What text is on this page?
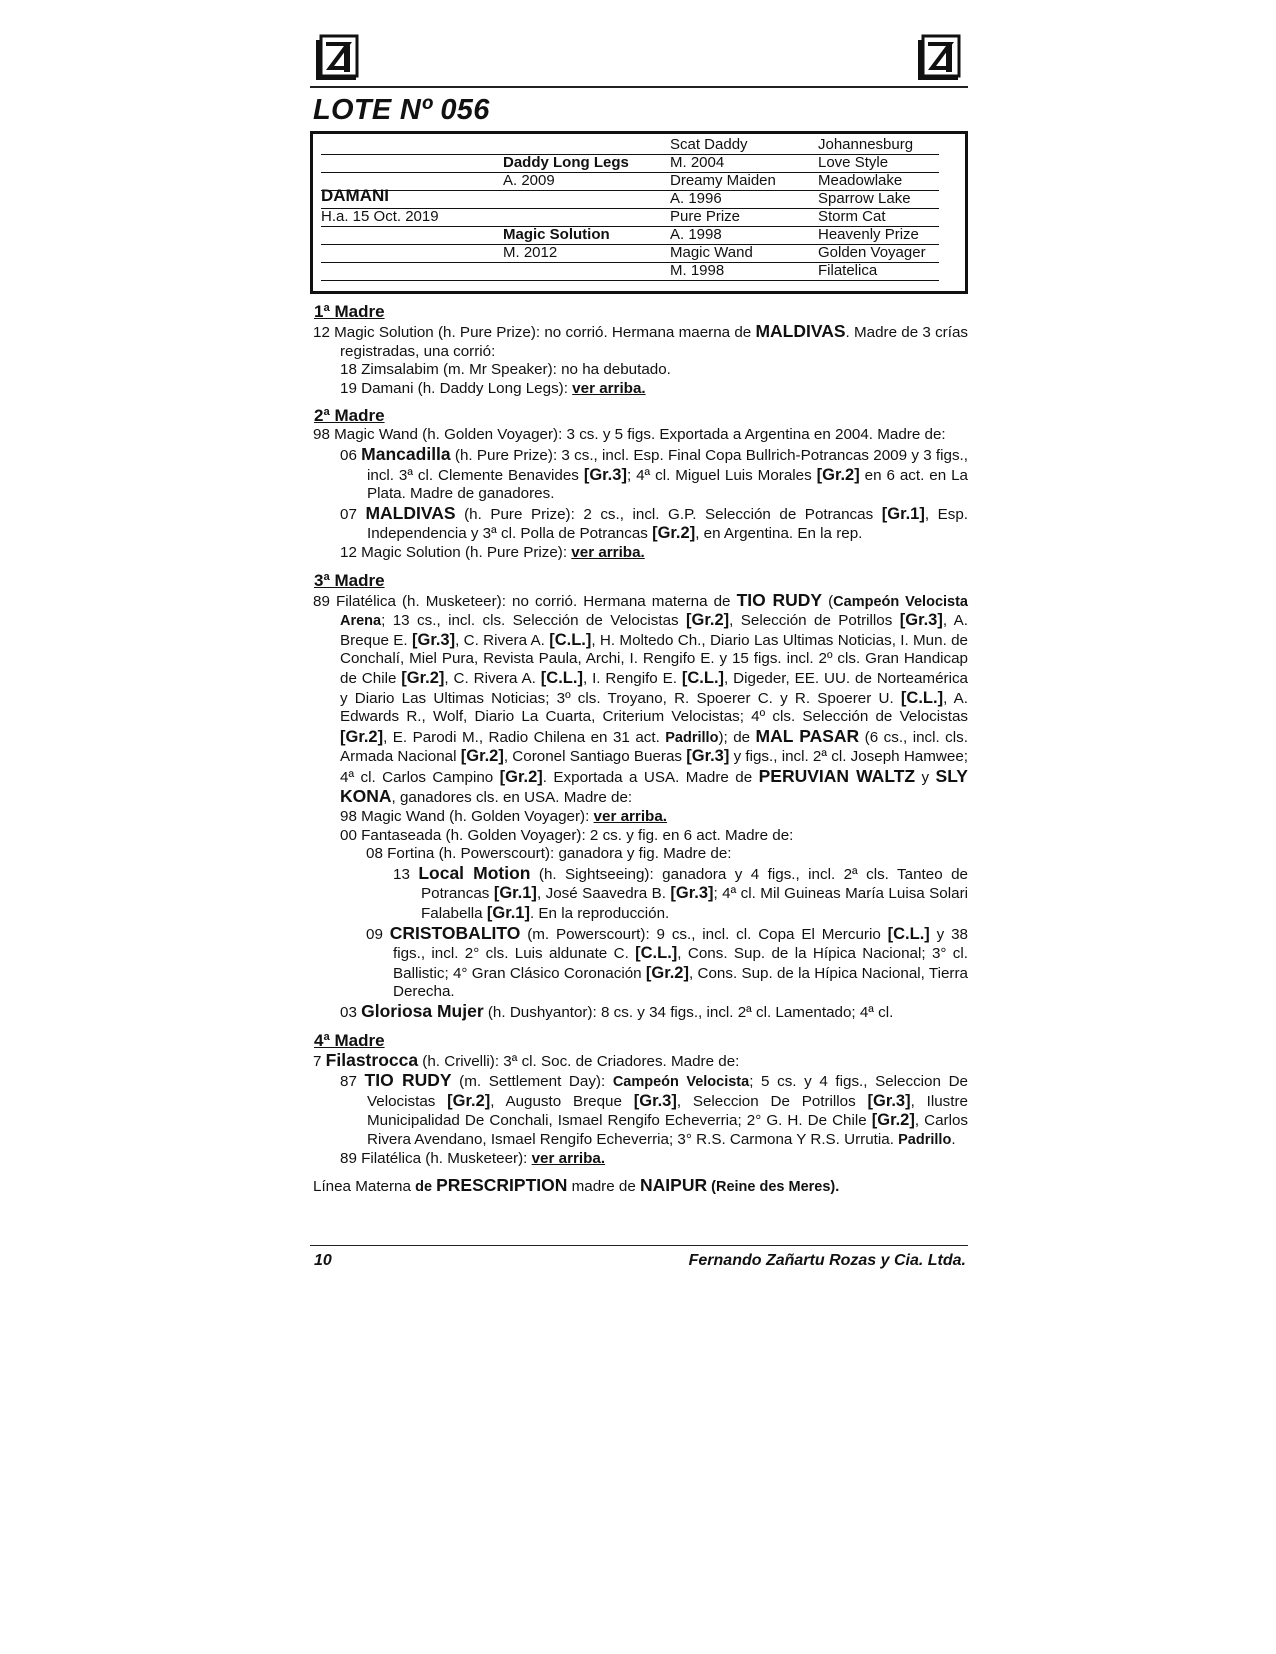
LOTE Nº 056
DAMANI
H.a. 15 Oct. 2019
Daddy Long Legs
A. 2009
Magic Solution
M. 2012
Scat Daddy
M. 2004
Dreamy Maiden
A. 1996
Pure Prize
A. 1998
Magic Wand
M. 1998
Johannesburg
Love Style
Meadowlake
Sparrow Lake
Storm Cat
Heavenly Prize
Golden Voyager
Filatelica
1ª Madre
12 Magic Solution (h. Pure Prize): no corrió. Hermana maerna de MALDIVAS. Madre de 3 crías registradas, una corrió:
18 Zimsalabim (m. Mr Speaker): no ha debutado.
19 Damani (h. Daddy Long Legs): ver arriba.
2ª Madre
98 Magic Wand (h. Golden Voyager): 3 cs. y 5 figs. Exportada a Argentina en 2004. Madre de:
06 Mancadilla (h. Pure Prize): 3 cs., incl. Esp. Final Copa Bullrich-Potrancas 2009 y 3 figs., incl. 3ª cl. Clemente Benavides [Gr.3]; 4ª cl. Miguel Luis Morales [Gr.2] en 6 act. en La Plata. Madre de ganadores.
07 MALDIVAS (h. Pure Prize): 2 cs., incl. G.P. Selección de Potrancas [Gr.1], Esp. Independencia y 3ª cl. Polla de Potrancas [Gr.2], en Argentina. En la rep.
12 Magic Solution (h. Pure Prize): ver arriba.
3ª Madre
89 Filatélica (h. Musketeer): no corrió. Hermana materna de TIO RUDY (Campeón Velocista Arena; 13 cs., incl. cls. Selección de Velocistas [Gr.2], Selección de Potrillos [Gr.3], A. Breque E. [Gr.3], C. Rivera A. [C.L.], H. Moltedo Ch., Diario Las Ultimas Noticias, I. Mun. de Conchalí, Miel Pura, Revista Paula, Archi, I. Rengifo E. y 15 figs. incl. 2º cls. Gran Handicap de Chile [Gr.2], C. Rivera A. [C.L.], I. Rengifo E. [C.L.], Digeder, EE. UU. de Norteamérica y Diario Las Ultimas Noticias; 3º cls. Troyano, R. Spoerer C. y R. Spoerer U. [C.L.], A. Edwards R., Wolf, Diario La Cuarta, Criterium Velocistas; 4º cls. Selección de Velocistas [Gr.2], E. Parodi M., Radio Chilena en 31 act. Padrillo); de MAL PASAR (6 cs., incl. cls. Armada Nacional [Gr.2], Coronel Santiago Bueras [Gr.3] y figs., incl. 2ª cl. Joseph Hamwee; 4ª cl. Carlos Campino [Gr.2]. Exportada a USA. Madre de PERUVIAN WALTZ y SLY KONA, ganadores cls. en USA. Madre de:
98 Magic Wand (h. Golden Voyager): ver arriba.
00 Fantaseada (h. Golden Voyager): 2 cs. y fig. en 6 act. Madre de:
08 Fortina (h. Powerscourt): ganadora y fig. Madre de:
13 Local Motion (h. Sightseeing): ganadora y 4 figs., incl. 2ª cls. Tanteo de Potrancas [Gr.1], José Saavedra B. [Gr.3]; 4ª cl. Mil Guineas María Luisa Solari Falabella [Gr.1]. En la reproducción.
09 CRISTOBALITO (m. Powerscourt): 9 cs., incl. cl. Copa El Mercurio [C.L.] y 38 figs., incl. 2° cls. Luis aldunate C. [C.L.], Cons. Sup. de la Hípica Nacional; 3° cl. Ballistic; 4° Gran Clásico Coronación [Gr.2], Cons. Sup. de la Hípica Nacional, Tierra Derecha.
03 Gloriosa Mujer (h. Dushyantor): 8 cs. y 34 figs., incl. 2ª cl. Lamentado; 4ª cl.
4ª Madre
7 Filastrocca (h. Crivelli): 3ª cl. Soc. de Criadores. Madre de:
87 TIO RUDY (m. Settlement Day): Campeón Velocista; 5 cs. y 4 figs., Seleccion De Velocistas [Gr.2], Augusto Breque [Gr.3], Seleccion De Potrillos [Gr.3], Ilustre Municipalidad De Conchali, Ismael Rengifo Echeverria; 2° G. H. De Chile [Gr.2], Carlos Rivera Avendano, Ismael Rengifo Echeverria; 3° R.S. Carmona Y R.S. Urrutia. Padrillo.
89 Filatélica (h. Musketeer): ver arriba.
Línea Materna de PRESCRIPTION madre de NAIPUR (Reine des Meres).
10	Fernando Zañartu Rozas y Cia. Ltda.
